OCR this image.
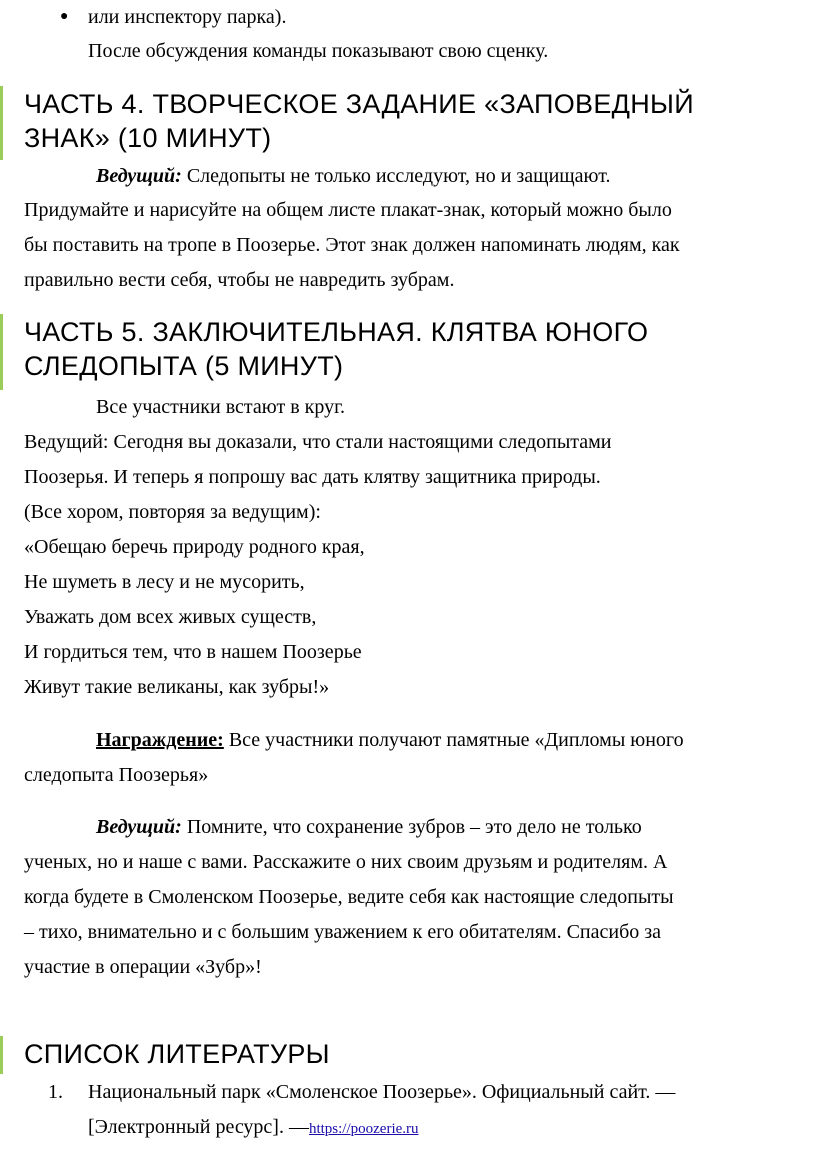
● или инспектору парка).
После обсуждения команды показывают свою сценку.
ЧАСТЬ 4. ТВОРЧЕСКОЕ ЗАДАНИЕ «ЗАПОВЕДНЫЙ
ЗНАК» (10 МИНУТ)
Ведущий: Следопыты не только исследуют, но и защищают.
Придумайте и нарисуйте на общем листе плакат-знак, который можно было
бы поставить на тропе в Поозерье. Этот знак должен напоминать людям, как
правильно вести себя, чтобы не навредить зубрам.
ЧАСТЬ 5. ЗАКЛЮЧИТЕЛЬНАЯ. КЛЯТВА ЮНОГО
СЛЕДОПЫТА (5 МИНУТ)
Все участники встают в круг.
Ведущий: Сегодня вы доказали, что стали настоящими следопытами
Поозерья. И теперь я попрошу вас дать клятву защитника природы.
(Все хором, повторяя за ведущим):
«Обещаю беречь природу родного края,
Не шуметь в лесу и не мусорить,
Уважать дом всех живых существ,
И гордиться тем, что в нашем Поозерье
Живут такие великаны, как зубры!»
Награждение: Все участники получают памятные «Дипломы юного
следопыта Поозерья»
Ведущий: Помните, что сохранение зубров – это дело не только
ученых, но и наше с вами. Расскажите о них своим друзьям и родителям. А
когда будете в Смоленском Поозерье, ведите себя как настоящие следопыты
– тихо, внимательно и с большим уважением к его обитателям. Спасибо за
участие в операции «Зубр»!
СПИСОК ЛИТЕРАТУРЫ
1. Национальный парк «Смоленское Поозерье». Официальный сайт. —
[Электронный ресурс]. —https://poozerie.ru
